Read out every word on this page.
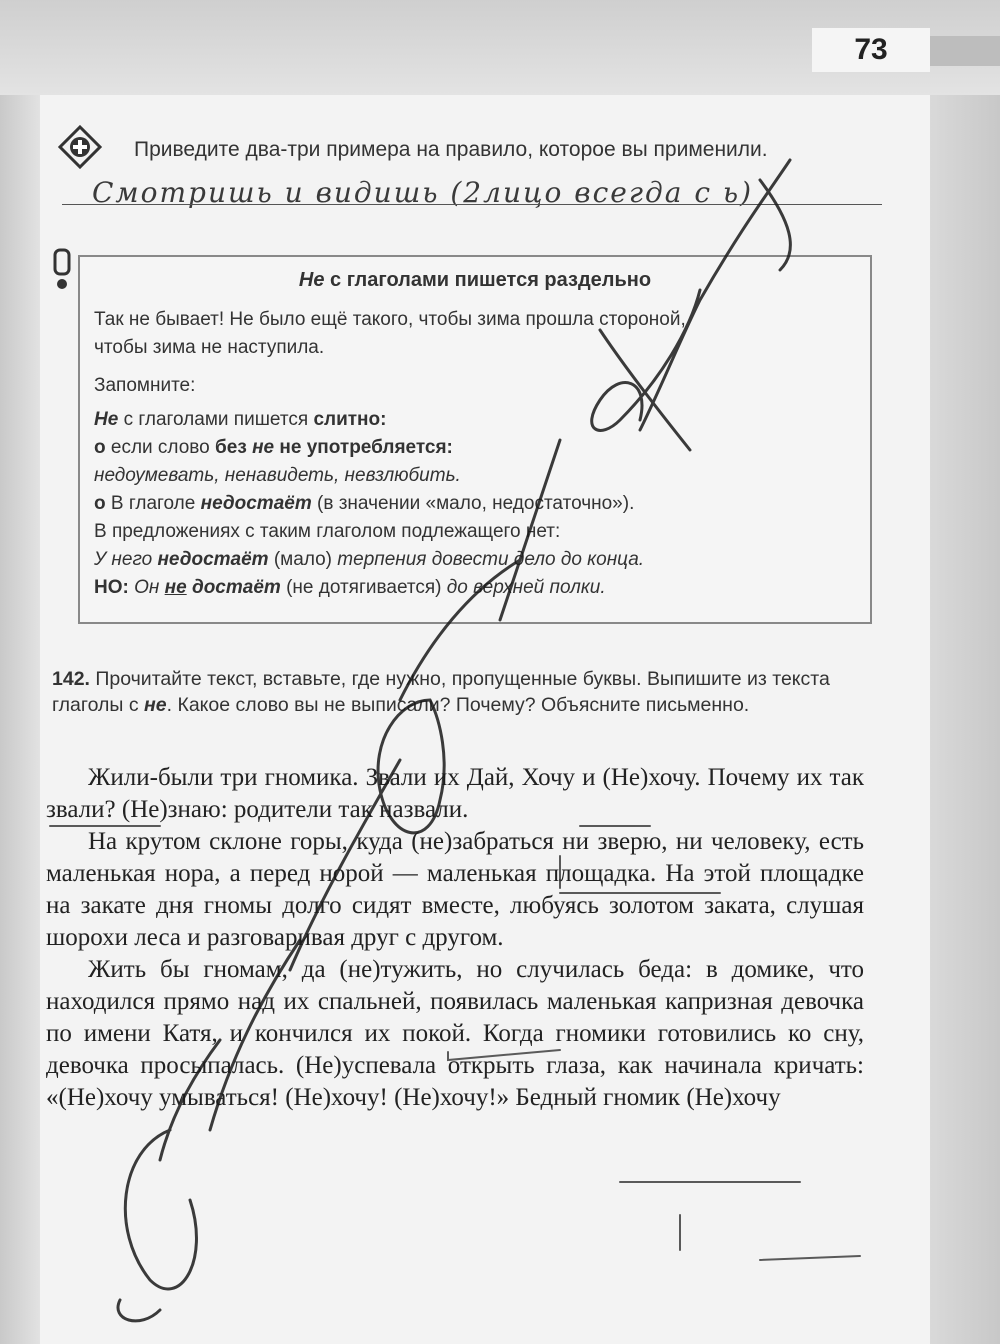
73
Приведите два-три примера на правило, которое вы применили.
Смотришь и видишь (2лицо всегда с ь)
Не с глаголами пишется раздельно
Так не бывает! Не было ещё такого, чтобы зима прошла стороной,
чтобы зима не наступила.
Запомните:
Не с глаголами пишется слитно:
o если слово без не не употребляется:
недоумевать, ненавидеть, невзлюбить.
o В глаголе недостаёт (в значении «мало, недостаточно»).
В предложениях с таким глаголом подлежащего нет:
У него недостаёт (мало) терпения довести дело до конца.
НО: Он не достаёт (не дотягивается) до верхней полки.
142. Прочитайте текст, вставьте, где нужно, пропущенные буквы. Выпишите из текста глаголы с не. Какое слово вы не выписали? Почему? Объясните письменно.

Жили-были три гномика. Звали их Дай, Хочу и (Не)хочу. Почему их так звали? (Не)знаю: родители так назвали.

На крутом склоне горы, куда (не)забраться ни зверю, ни человеку, есть маленькая нора, а перед норой — маленькая площадка. На этой площадке на закате дня гномы долго сидят вместе, любуясь золотом заката, слушая шорохи леса и разговаривая друг с другом.

Жить бы гномам, да (не)тужить, но случилась беда: в домике, что находился прямо над их спальней, появилась маленькая капризная девочка по имени Катя, и кончился их покой. Когда гномики готовились ко сну, девочка просыпалась. (Не)успевала открыть глаза, как начинала кричать: «(Не)хочу умываться! (Не)хочу! (Не)хочу!» Бедный гномик (Не)хочу
